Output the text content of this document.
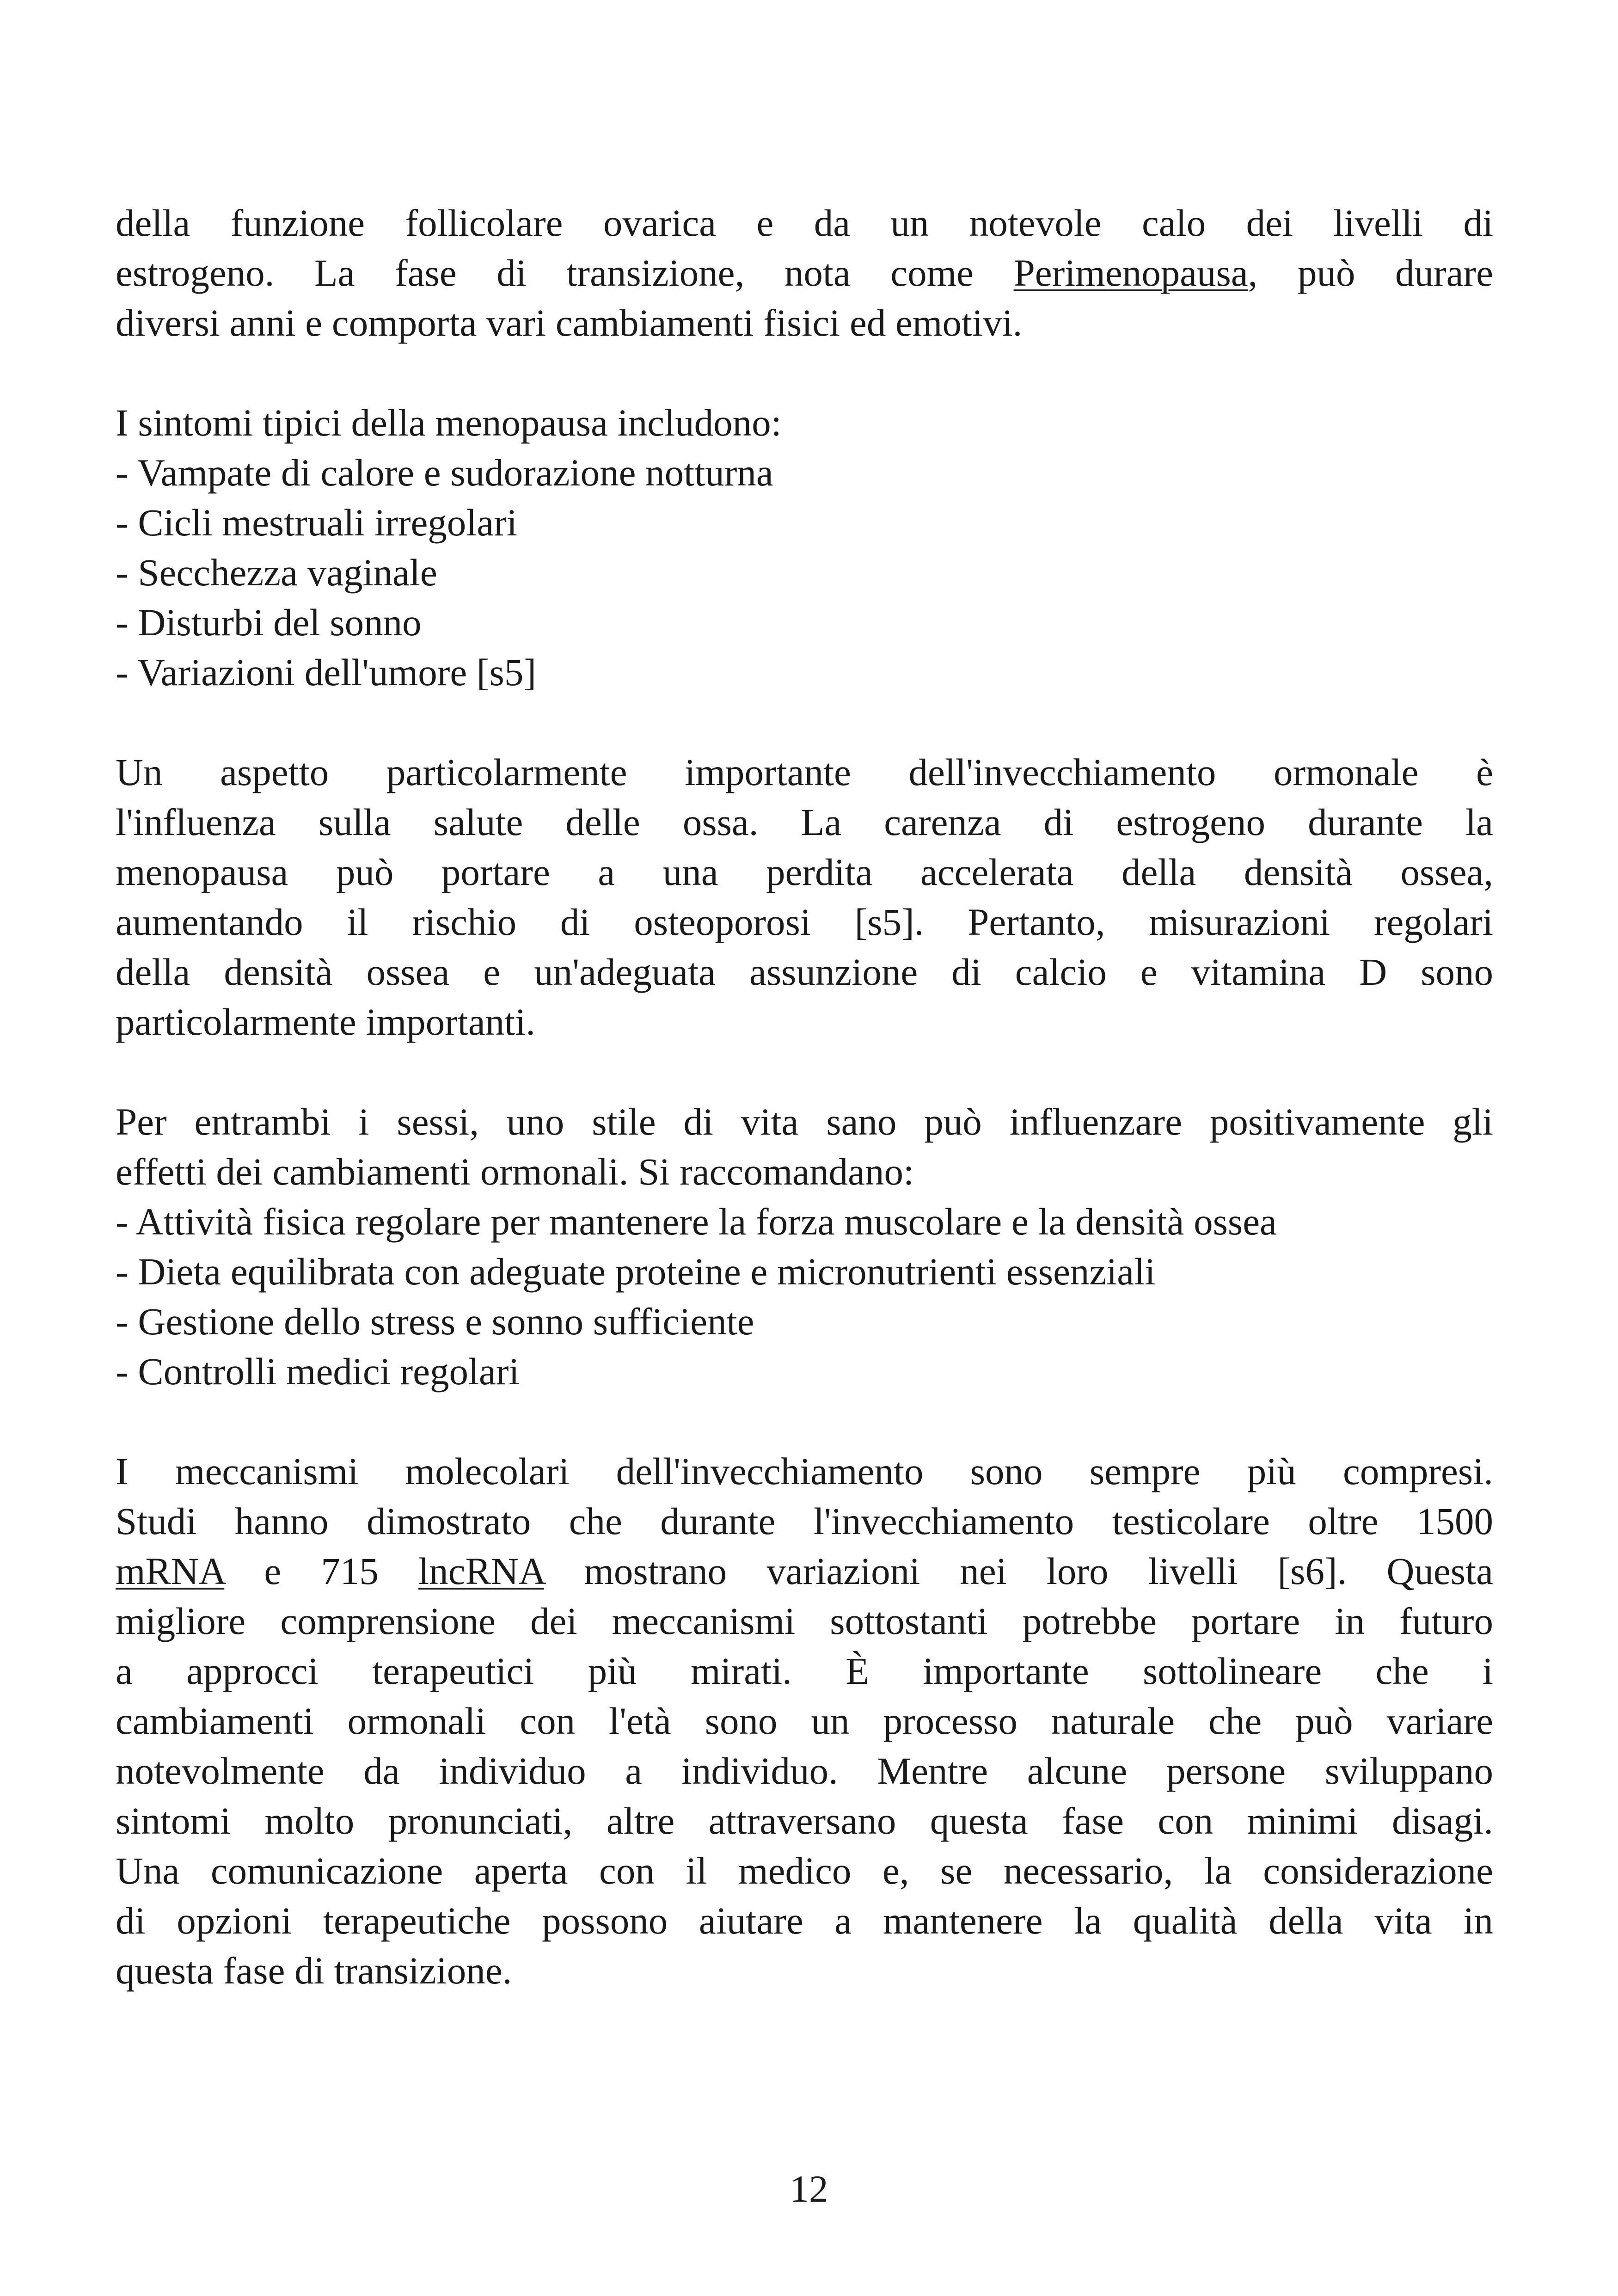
della funzione follicolare ovarica e da un notevole calo dei livelli di
estrogeno. La fase di transizione, nota come Perimenopausa, può durare
diversi anni e comporta vari cambiamenti fisici ed emotivi.
I sintomi tipici della menopausa includono:
- Vampate di calore e sudorazione notturna
- Cicli mestruali irregolari
- Secchezza vaginale
- Disturbi del sonno
- Variazioni dell'umore [s5]
Un aspetto particolarmente importante dell'invecchiamento ormonale è
l'influenza sulla salute delle ossa. La carenza di estrogeno durante la
menopausa può portare a una perdita accelerata della densità ossea,
aumentando il rischio di osteoporosi [s5]. Pertanto, misurazioni regolari
della densità ossea e un'adeguata assunzione di calcio e vitamina D sono
particolarmente importanti.
Per entrambi i sessi, uno stile di vita sano può influenzare positivamente gli
effetti dei cambiamenti ormonali. Si raccomandano:
- Attività fisica regolare per mantenere la forza muscolare e la densità ossea
- Dieta equilibrata con adeguate proteine e micronutrienti essenziali
- Gestione dello stress e sonno sufficiente
- Controlli medici regolari
I meccanismi molecolari dell'invecchiamento sono sempre più compresi.
Studi hanno dimostrato che durante l'invecchiamento testicolare oltre 1500
mRNA e 715 lncRNA mostrano variazioni nei loro livelli [s6]. Questa
migliore comprensione dei meccanismi sottostanti potrebbe portare in futuro
a approcci terapeutici più mirati. È importante sottolineare che i
cambiamenti ormonali con l'età sono un processo naturale che può variare
notevolmente da individuo a individuo. Mentre alcune persone sviluppano
sintomi molto pronunciati, altre attraversano questa fase con minimi disagi.
Una comunicazione aperta con il medico e, se necessario, la considerazione
di opzioni terapeutiche possono aiutare a mantenere la qualità della vita in
questa fase di transizione.
12
